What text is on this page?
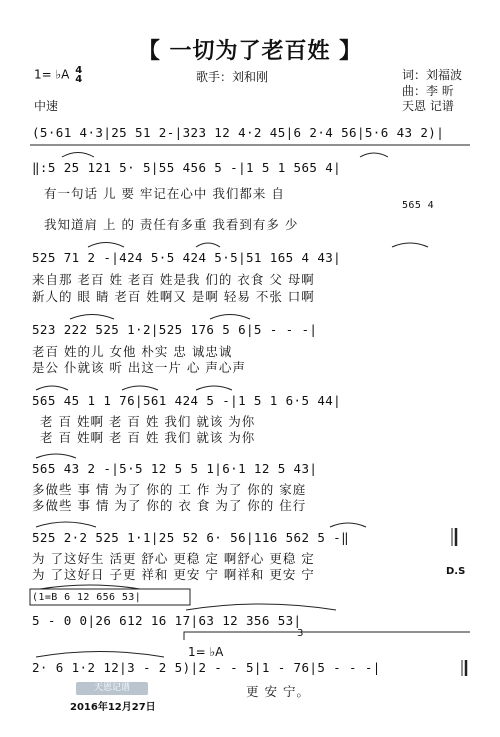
【 一切为了老百姓 】
1= ♭A 4
4	歌手：刘和刚	词：刘福波
曲：李 昕
中速	天恩 记谱
(5·61 4·3|25 51 2-|323 12 4·2 45|6 2·4 56|5·6 43 2)|
‖:5 25 121 5· 5|55 456 5 -|1 5 1 565 4|
有一句话 儿 要 牢记在心中 我们都来 自
565 4
我知道肩 上 的 责任有多重 我看到有多 少
525 71 2 -|424 5·5 424 5·5|51 165 4 43|
来自那 老百 姓 老百 姓是我 们的 衣食 父 母啊
新人的 眼 睛 老百 姓啊又 是啊 轻易 不张 口啊
523 222 525 1·2|525 176 5 6|5 - - -|
老百 姓的儿 女他 朴实 忠 诚忠诚
是公 仆就该 听 出这一片 心 声心声
565 45 1 1 76|561 424 5 -|1 5 1 6·5 44|
老 百 姓啊 老 百 姓 我们 就该 为你
老 百 姓啊 老 百 姓 我们 就该 为你
565 43 2 -|5·5 12 5 5 1|6·1 12 5 43|
多做些 事 情 为了 你的 工 作 为了 你的 家庭
多做些 事 情 为了 你的 衣 食 为了 你的 住行
525 2·2 525 1·1|25 52 6· 56|116 562 5 -‖
为 了这好生 活更 舒心 更稳 定 啊舒心 更稳 定
为 了这好日 子更 祥和 更安 宁 啊祥和 更安 宁	D.S
(1=B 6 12 656 53|
5 - 0 0|26 612 16 17|63 12 356 53|
1= ♭A
2· 6 1·2 12|3 - 2 5)|2 - - 5|1 - 76|5 - - -|
更 安 宁。
天恩记谱
2016年12月27日
3
